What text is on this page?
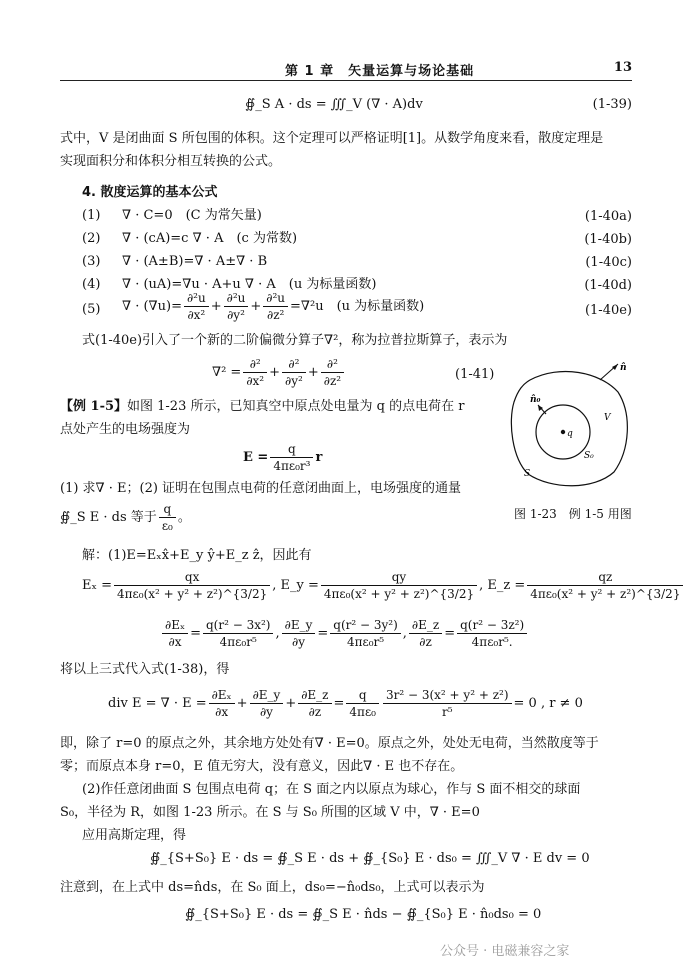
第 1 章　矢量运算与场论基础	13
∯_S A · ds = ∭_V (∇ · A)dv	(1-39)
式中，V 是闭曲面 S 所包围的体积。这个定理可以严格证明[1]。从数学角度来看，散度定理是
实现面积分和体积分相互转换的公式。
4. 散度运算的基本公式
(1) ∇ · C=0　(C 为常矢量)	(1-40a)
(2) ∇ · (cA)=c ∇ · A　(c 为常数)	(1-40b)
(3) ∇ · (A±B)=∇ · A±∇ · B	(1-40c)
(4) ∇ · (uA)=∇u · A+u ∇ · A　(u 为标量函数)	(1-40d)
(5) ∇ · $(\nabla u)= \frac{\text{∂²u}}{\text{∂x²}} + \frac{\text{∂²u}}{\text{∂y²}} + \frac{\text{∂²u}}{\text{∂z²}} =\nabla^2u$　(u 为标量函数)	(1-40e)
式(1-40e)引入了一个新的二阶偏微分算子∇²，称为拉普拉斯算子，表示为
$\nabla^2 = \frac{\text{∂²}}{\text{∂x²}} + \frac{\text{∂²}}{\text{∂y²}} + \frac{\text{∂²}}{\text{∂z²}}$	(1-41)
【例 1-5】如图 1-23 所示，已知真空中原点处电量为 q 的点电荷在 r
点处产生的电场强度为
$E = \frac{q}{\text{4πε₀r³}}$ r
(1) 求∇ · E；(2) 证明在包围点电荷的任意闭曲面上，电场强度的通量
∯_S E · ds 等于 $\frac{q}{\text{ε₀}}$ 。
n̂
n̂₀
V
q
S₀
S
图 1-23　例 1-5 用图
解：(1)E=Eₓx̂+E_y ŷ+E_z ẑ，因此有
$E_x = \frac{qx}{\text{4πε₀(x² + y² + z²)\textasciicircum{}\{3/2\}}}$ , E_y = $\frac{qy}{\text{4πε₀(x² + y² + z²)\textasciicircum{}\{3/2\}}}$ , E_z = $\frac{qz}{\text{4πε₀(x² + y² + z²)\textasciicircum{}\{3/2\}}}$
$\frac{\text{∂Eₓ}}{\partial x} = \frac{\text{q(r² − 3x²)}}{\text{4πε₀r⁵}}$ , $\frac{\partial E\_y}{\partial y} = \frac{\text{q(r² − 3y²)}}{\text{4πε₀r⁵}}$ , $\frac{\partial E\_z}{\partial z} = \frac{\text{q(r² − 3z²)}}{\text{4πε₀r⁵.}}$
将以上三式代入式(1-38)，得
div E = ∇ · $E = \frac{\text{∂Eₓ}}{\partial x} + \frac{\partial E\_y}{\partial y} + \frac{\partial E\_z}{\partial z} = \frac{q}{\text{4πε₀}} \frac{\text{3r² − 3(x² + y² + z²)}}{\text{r⁵}} = 0$ , r ≠ 0
即，除了 r=0 的原点之外，其余地方处处有∇ · E=0。原点之外，处处无电荷，当然散度等于
零；而原点本身 r=0，E 值无穷大，没有意义，因此∇ · E 也不存在。
(2)作任意闭曲面 S 包围点电荷 q；在 S 面之内以原点为球心，作与 S 面不相交的球面
S₀，半径为 R，如图 1-23 所示。在 S 与 S₀ 所围的区域 V 中，∇ · E=0
应用高斯定理，得
∯_{S+S₀} E · ds = ∯_S E · ds + ∯_{S₀} E · ds₀ = ∭_V ∇ · E dv = 0
注意到，在上式中 ds=n̂ds，在 S₀ 面上，ds₀=−n̂₀ds₀，上式可以表示为
∯_{S+S₀} E · ds = ∯_S E · n̂ds − ∯_{S₀} E · n̂₀ds₀ = 0
公众号 · 电磁兼容之家
